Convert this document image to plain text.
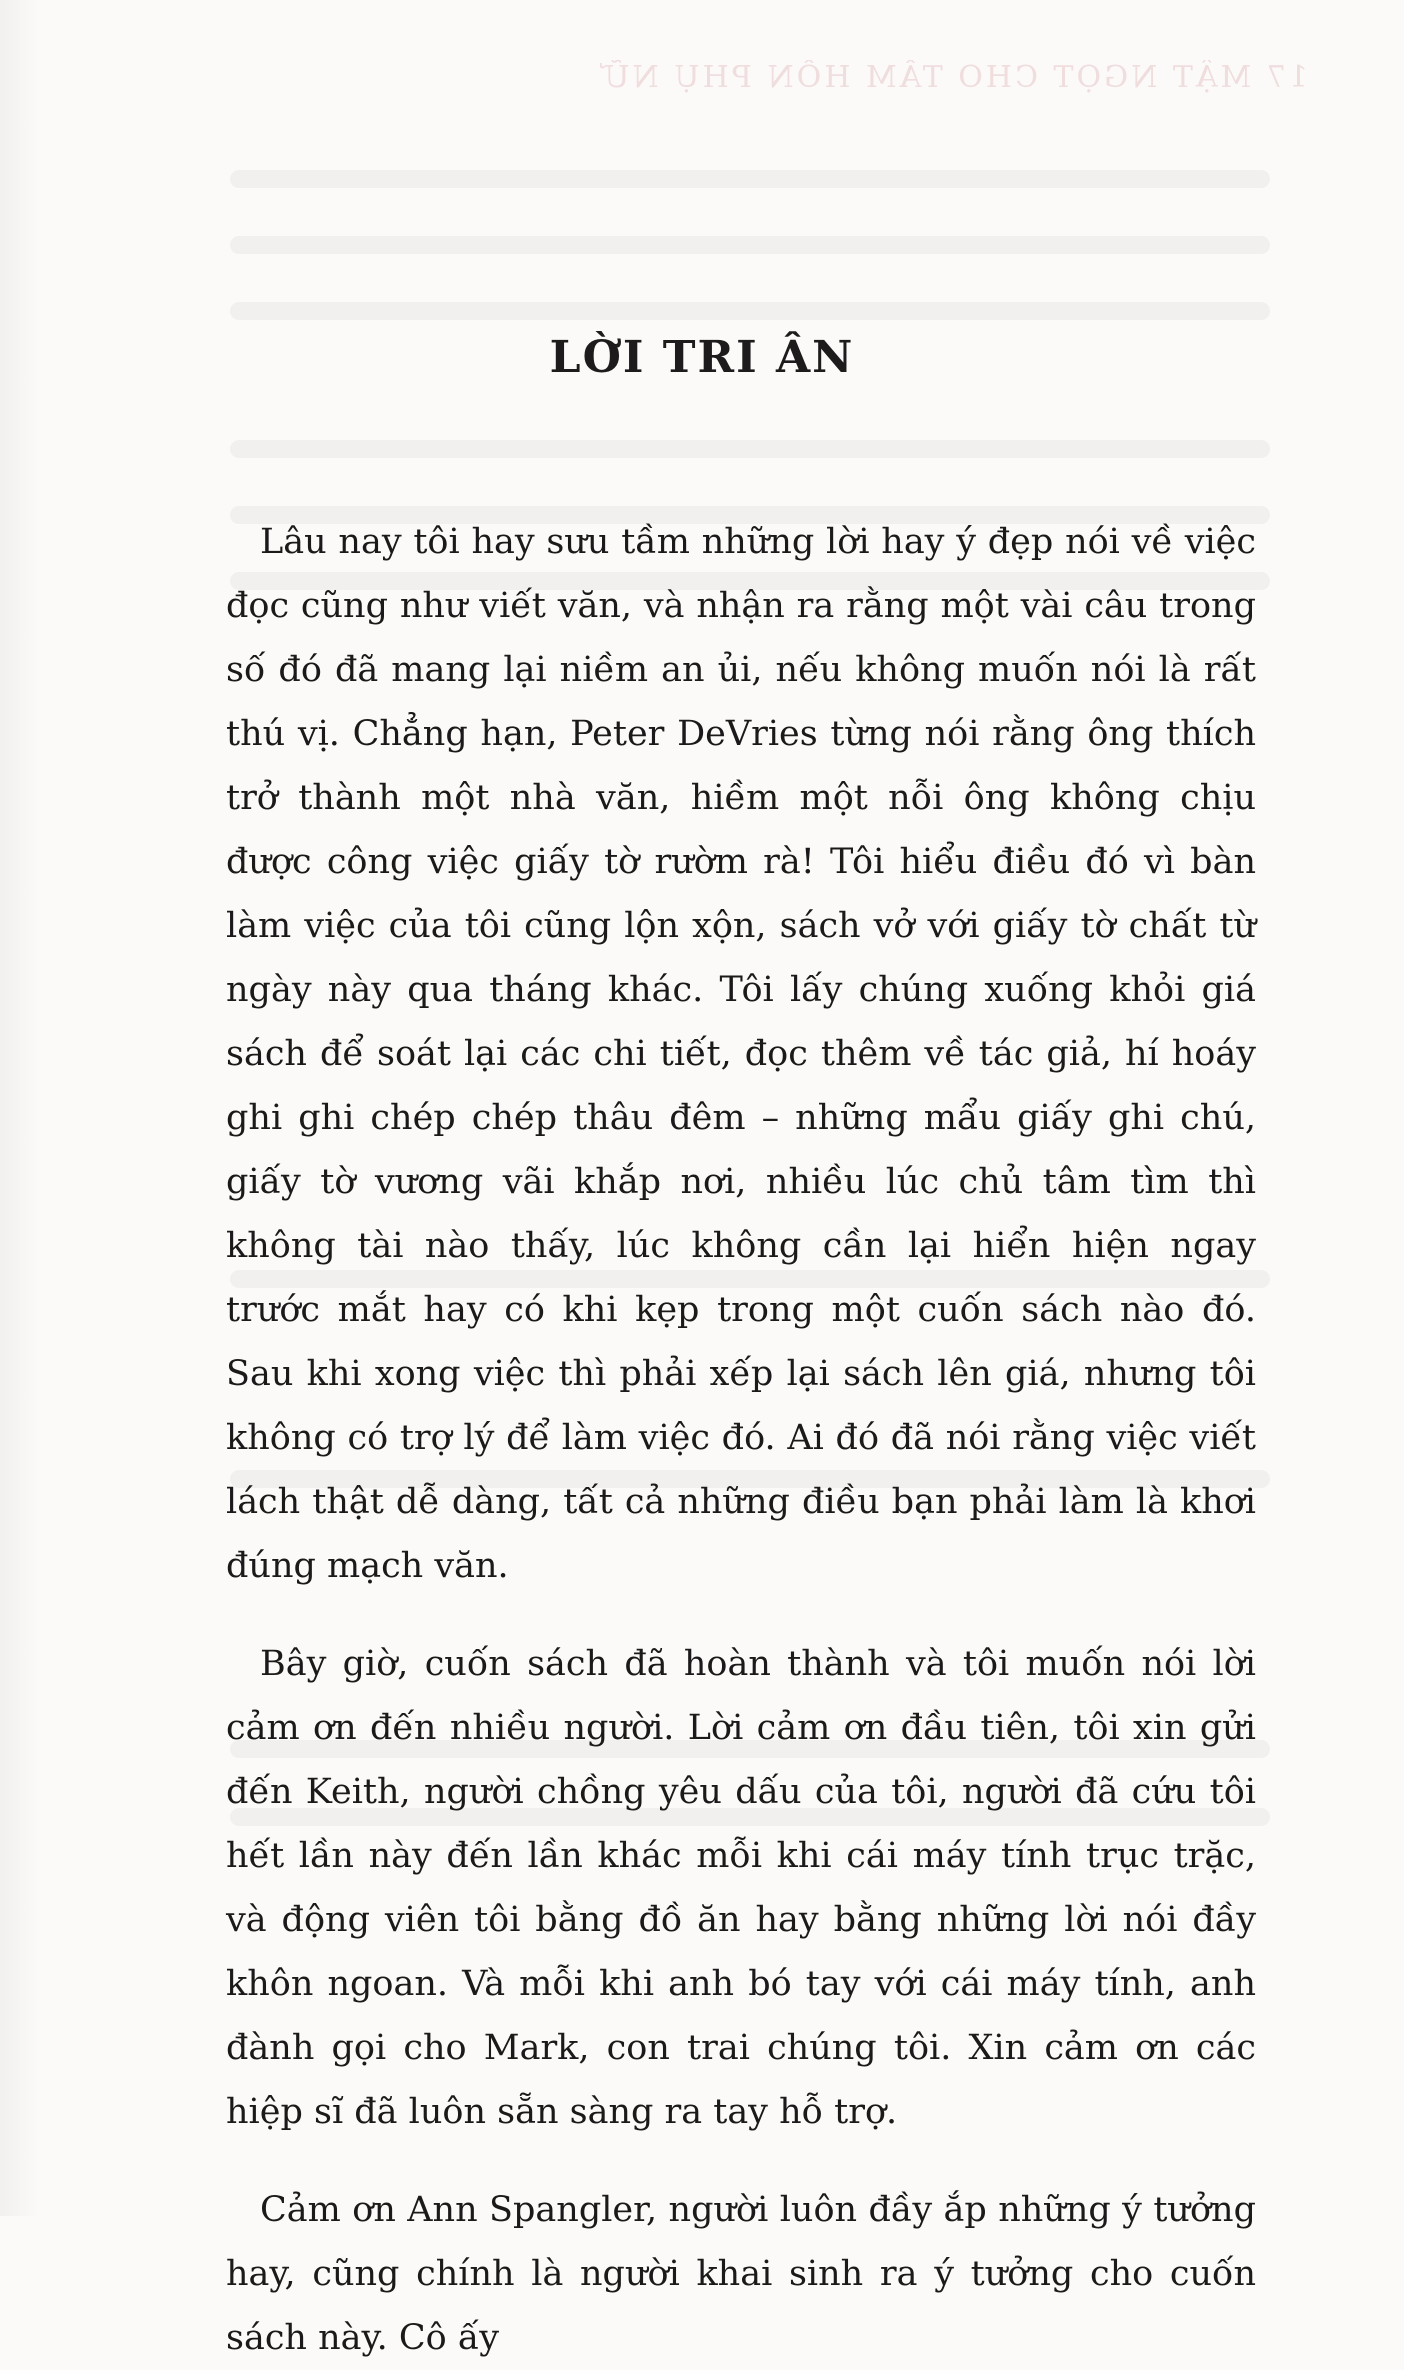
17 MẬT NGỌT CHO TÂM HỒN PHỤ NỮ
LỜI TRI ÂN

Lâu nay tôi hay sưu tầm những lời hay ý đẹp nói về việc đọc cũng như viết văn, và nhận ra rằng một vài câu trong số đó đã mang lại niềm an ủi, nếu không muốn nói là rất thú vị. Chẳng hạn, Peter DeVries từng nói rằng ông thích trở thành một nhà văn, hiềm một nỗi ông không chịu được công việc giấy tờ rườm rà! Tôi hiểu điều đó vì bàn làm việc của tôi cũng lộn xộn, sách vở với giấy tờ chất từ ngày này qua tháng khác. Tôi lấy chúng xuống khỏi giá sách để soát lại các chi tiết, đọc thêm về tác giả, hí hoáy ghi ghi chép chép thâu đêm – những mẩu giấy ghi chú, giấy tờ vương vãi khắp nơi, nhiều lúc chủ tâm tìm thì không tài nào thấy, lúc không cần lại hiển hiện ngay trước mắt hay có khi kẹp trong một cuốn sách nào đó. Sau khi xong việc thì phải xếp lại sách lên giá, nhưng tôi không có trợ lý để làm việc đó. Ai đó đã nói rằng việc viết lách thật dễ dàng, tất cả những điều bạn phải làm là khơi đúng mạch văn.

Bây giờ, cuốn sách đã hoàn thành và tôi muốn nói lời cảm ơn đến nhiều người. Lời cảm ơn đầu tiên, tôi xin gửi đến Keith, người chồng yêu dấu của tôi, người đã cứu tôi hết lần này đến lần khác mỗi khi cái máy tính trục trặc, và động viên tôi bằng đồ ăn hay bằng những lời nói đầy khôn ngoan. Và mỗi khi anh bó tay với cái máy tính, anh đành gọi cho Mark, con trai chúng tôi. Xin cảm ơn các hiệp sĩ đã luôn sẵn sàng ra tay hỗ trợ.

Cảm ơn Ann Spangler, người luôn đầy ắp những ý tưởng hay, cũng chính là người khai sinh ra ý tưởng cho cuốn sách này. Cô ấy
